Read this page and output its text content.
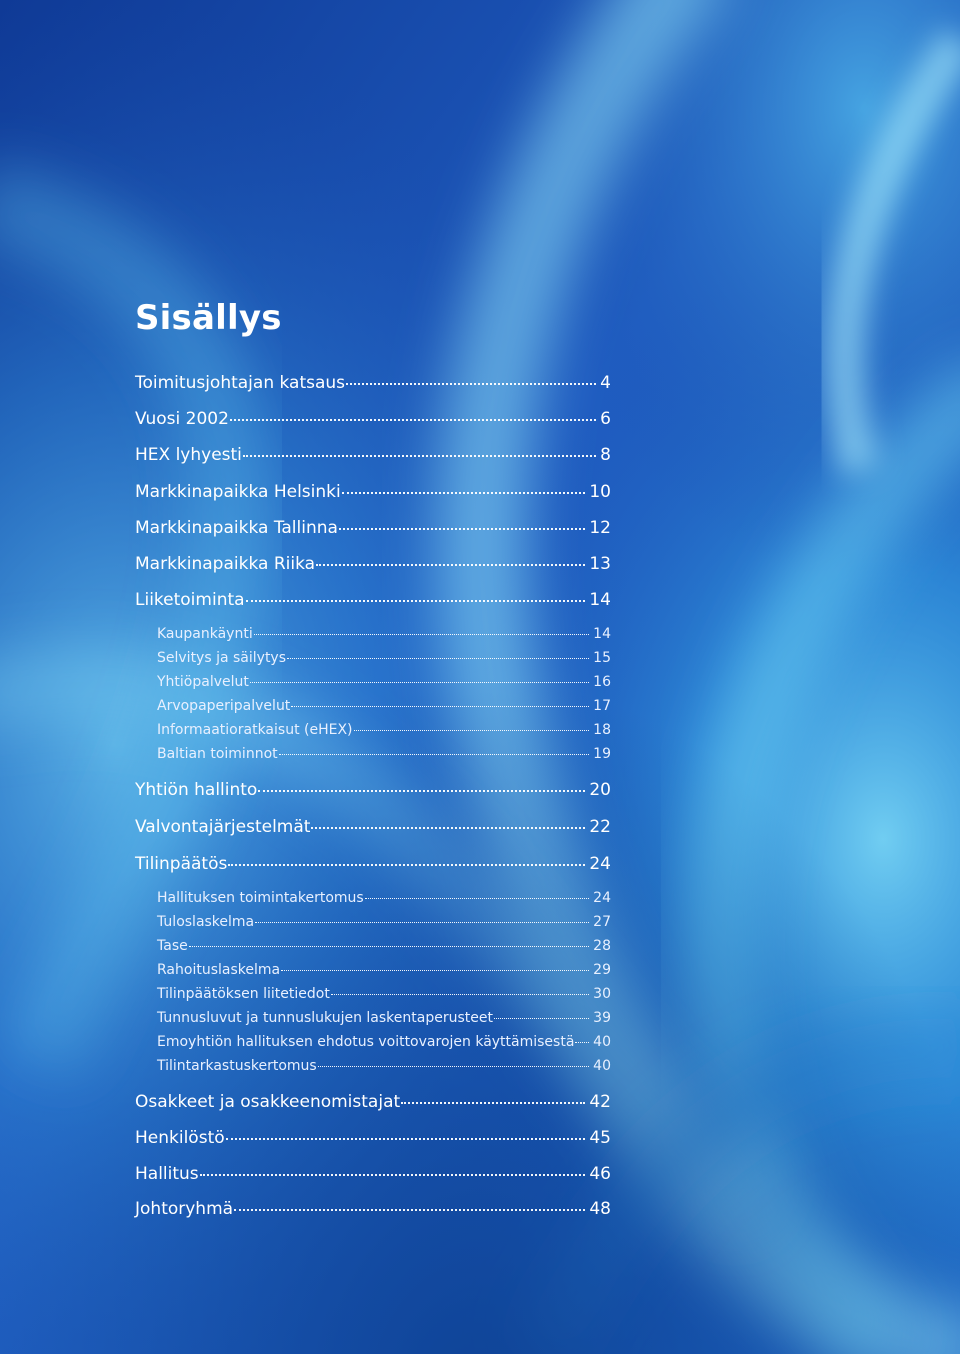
Sisällys
Toimitusjohtajan katsaus	4
Vuosi 2002	6
HEX lyhyesti	8
Markkinapaikka Helsinki	10
Markkinapaikka Tallinna	12
Markkinapaikka Riika	13
Liiketoiminta	14
Kaupankäynti	14
Selvitys ja säilytys	15
Yhtiöpalvelut	16
Arvopaperipalvelut	17
Informaatioratkaisut (eHEX)	18
Baltian toiminnot	19
Yhtiön hallinto	20
Valvontajärjestelmät	22
Tilinpäätös	24
Hallituksen toimintakertomus	24
Tuloslaskelma	27
Tase	28
Rahoituslaskelma	29
Tilinpäätöksen liitetiedot	30
Tunnusluvut ja tunnuslukujen laskentaperusteet	39
Emoyhtiön hallituksen ehdotus voittovarojen käyttämisestä 40
Tilintarkastuskertomus	40
Osakkeet ja osakkeenomistajat	42
Henkilöstö	45
Hallitus	46
Johtoryhmä	48
